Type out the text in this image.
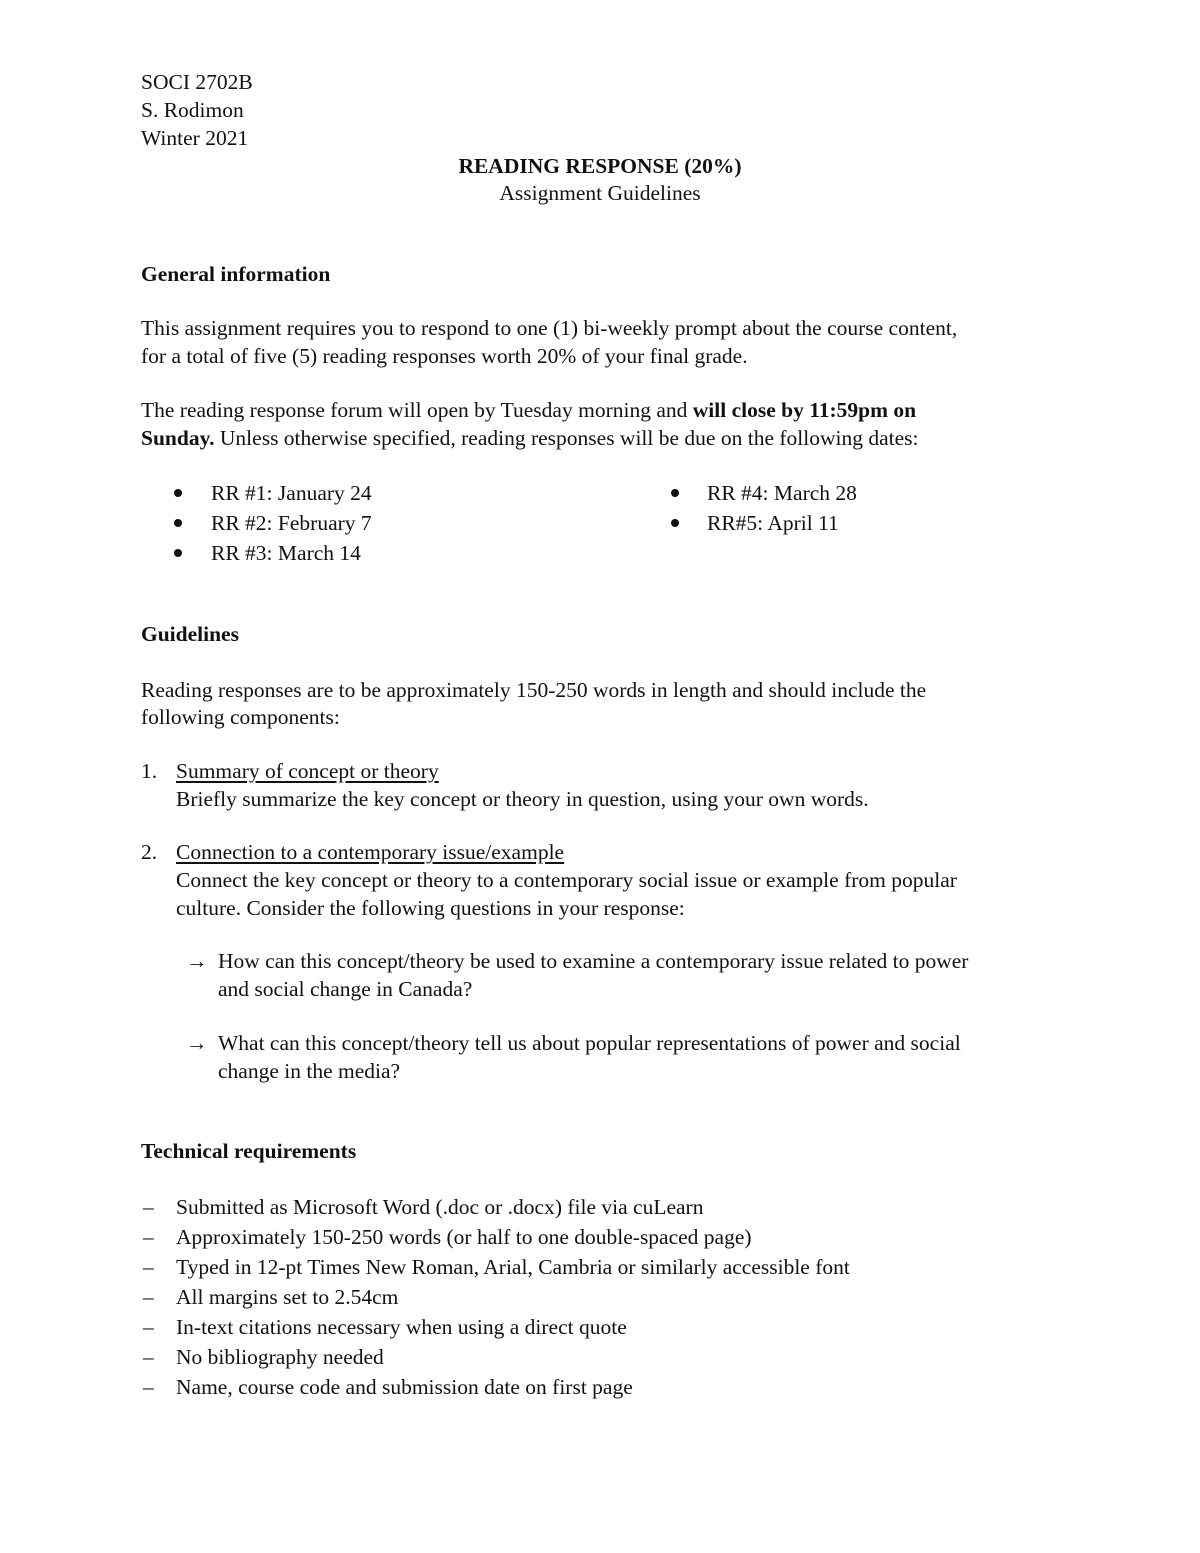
SOCI 2702B
S. Rodimon
Winter 2021
READING RESPONSE (20%)
Assignment Guidelines
General information
This assignment requires you to respond to one (1) bi-weekly prompt about the course content,
for a total of five (5) reading responses worth 20% of your final grade.
The reading response forum will open by Tuesday morning and will close by 11:59pm on
Sunday. Unless otherwise specified, reading responses will be due on the following dates:
RR #1: January 24
RR #2: February 7
RR #3: March 14
RR #4: March 28
RR#5: April 11
Guidelines
Reading responses are to be approximately 150-250 words in length and should include the
following components:
1. Summary of concept or theory
Briefly summarize the key concept or theory in question, using your own words.
2. Connection to a contemporary issue/example
Connect the key concept or theory to a contemporary social issue or example from popular
culture. Consider the following questions in your response:
→ How can this concept/theory be used to examine a contemporary issue related to power
and social change in Canada?
→ What can this concept/theory tell us about popular representations of power and social
change in the media?
Technical requirements
– Submitted as Microsoft Word (.doc or .docx) file via cuLearn
– Approximately 150-250 words (or half to one double-spaced page)
– Typed in 12-pt Times New Roman, Arial, Cambria or similarly accessible font
– All margins set to 2.54cm
– In-text citations necessary when using a direct quote
– No bibliography needed
– Name, course code and submission date on first page
